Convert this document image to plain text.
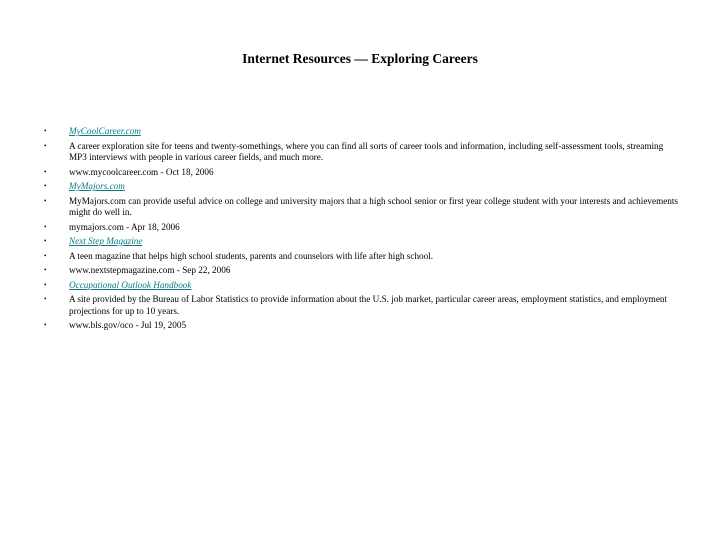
Internet Resources — Exploring Careers
•	MyCoolCareer.com
•	A career exploration site for teens and twenty-somethings, where you can find all sorts of career tools and information, including self-assessment tools, streaming MP3 interviews with people in various career fields, and much more.
•	www.mycoolcareer.com - Oct 18, 2006
•	MyMajors.com
•	MyMajors.com can provide useful advice on college and university majors that a high school senior or first year college student with your interests and achievements might do well in.
•	mymajors.com - Apr 18, 2006
•	Next Step Magazine
•	A teen magazine that helps high school students, parents and counselors with life after high school.
•	www.nextstepmagazine.com - Sep 22, 2006
•	Occupational Outlook Handbook
•	A site provided by the Bureau of Labor Statistics to provide information about the U.S. job market, particular career areas, employment statistics, and employment projections for up to 10 years.
•	www.bls.gov/oco - Jul 19, 2005
